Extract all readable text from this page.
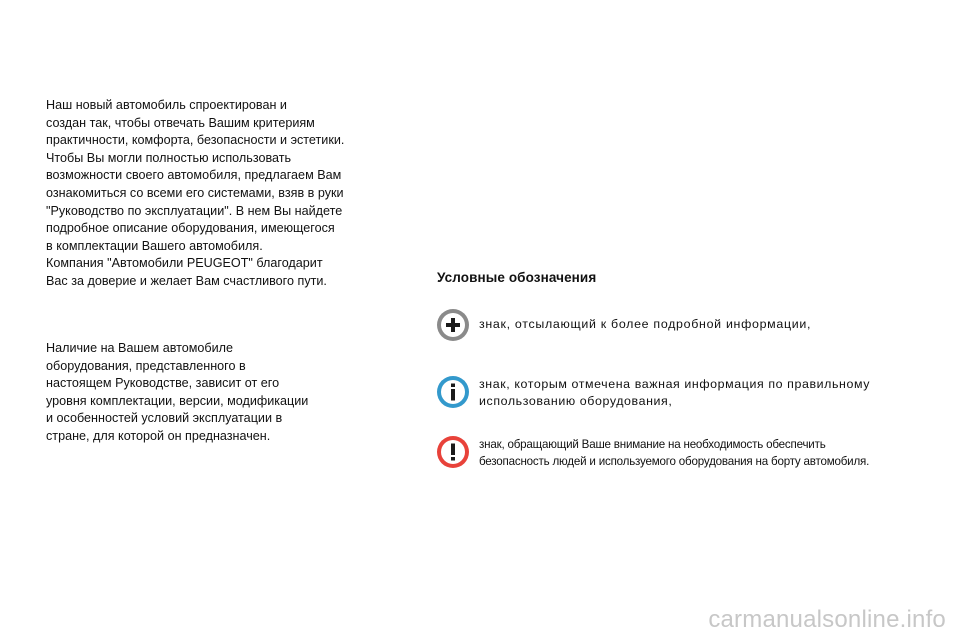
Наш новый автомобиль спроектирован и
создан так, чтобы отвечать Вашим критериям
практичности, комфорта, безопасности и эстетики.
Чтобы Вы могли полностью использовать
возможности своего автомобиля, предлагаем Вам
ознакомиться со всеми его системами, взяв в руки
"Руководство по эксплуатации". В нем Вы найдете
подробное описание оборудования, имеющегося
в комплектации Вашего автомобиля.
Компания "Автомобили PEUGEOT" благодарит
Вас за доверие и желает Вам счастливого пути.
Наличие на Вашем автомобиле
оборудования, представленного в
настоящем Руководстве, зависит от его
уровня комплектации, версии, модификации
и особенностей условий эксплуатации в
стране, для которой он предназначен.
Условные обозначения
знак, отсылающий к более подробной информации,
знак, которым отмечена важная информация по правильному
использованию оборудования,
знак, обращающий Ваше внимание на необходимость обеспечить
безопасность людей и используемого оборудования на борту автомобиля.
carmanualsonline.info
